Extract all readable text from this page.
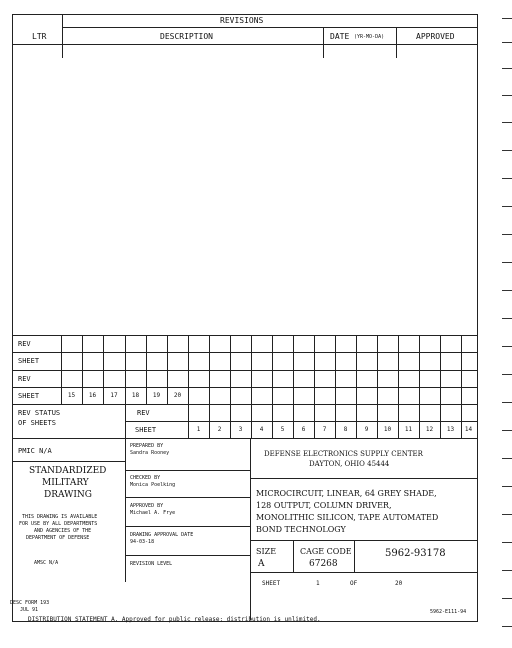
REVISIONS
LTR	DESCRIPTION	DATE (YR-MO-DA)	APPROVED
REV
SHEET
REV
SHEET	15	16	17	18	19	20
REV STATUS
OF SHEETS
REV
SHEET	1	2	3	4	5	6	7	8	9	10	11	12	13	14
PMIC N/A
STANDARDIZED
MILITARY
DRAWING
THIS DRAWING IS AVAILABLE
FOR USE BY ALL DEPARTMENTS
AND AGENCIES OF THE
DEPARTMENT OF DEFENSE
AMSC N/A
PREPARED BY
Sandra Rooney
CHECKED BY
Monica Poelking
APPROVED BY
Michael A. Frye
DRAWING APPROVAL DATE
94-03-18
REVISION LEVEL
DEFENSE ELECTRONICS SUPPLY CENTER
DAYTON, OHIO 45444
MICROCIRCUIT, LINEAR, 64 GREY SHADE,
128 OUTPUT, COLUMN DRIVER,
MONOLITHIC SILICON, TAPE AUTOMATED
BOND TECHNOLOGY
SIZE
A
CAGE CODE
67268
5962-93178
SHEET	1	OF	20
DESC FORM 193
JUL 91
DISTRIBUTION STATEMENT A. Approved for public release; distribution is unlimited.
5962-E111-94
